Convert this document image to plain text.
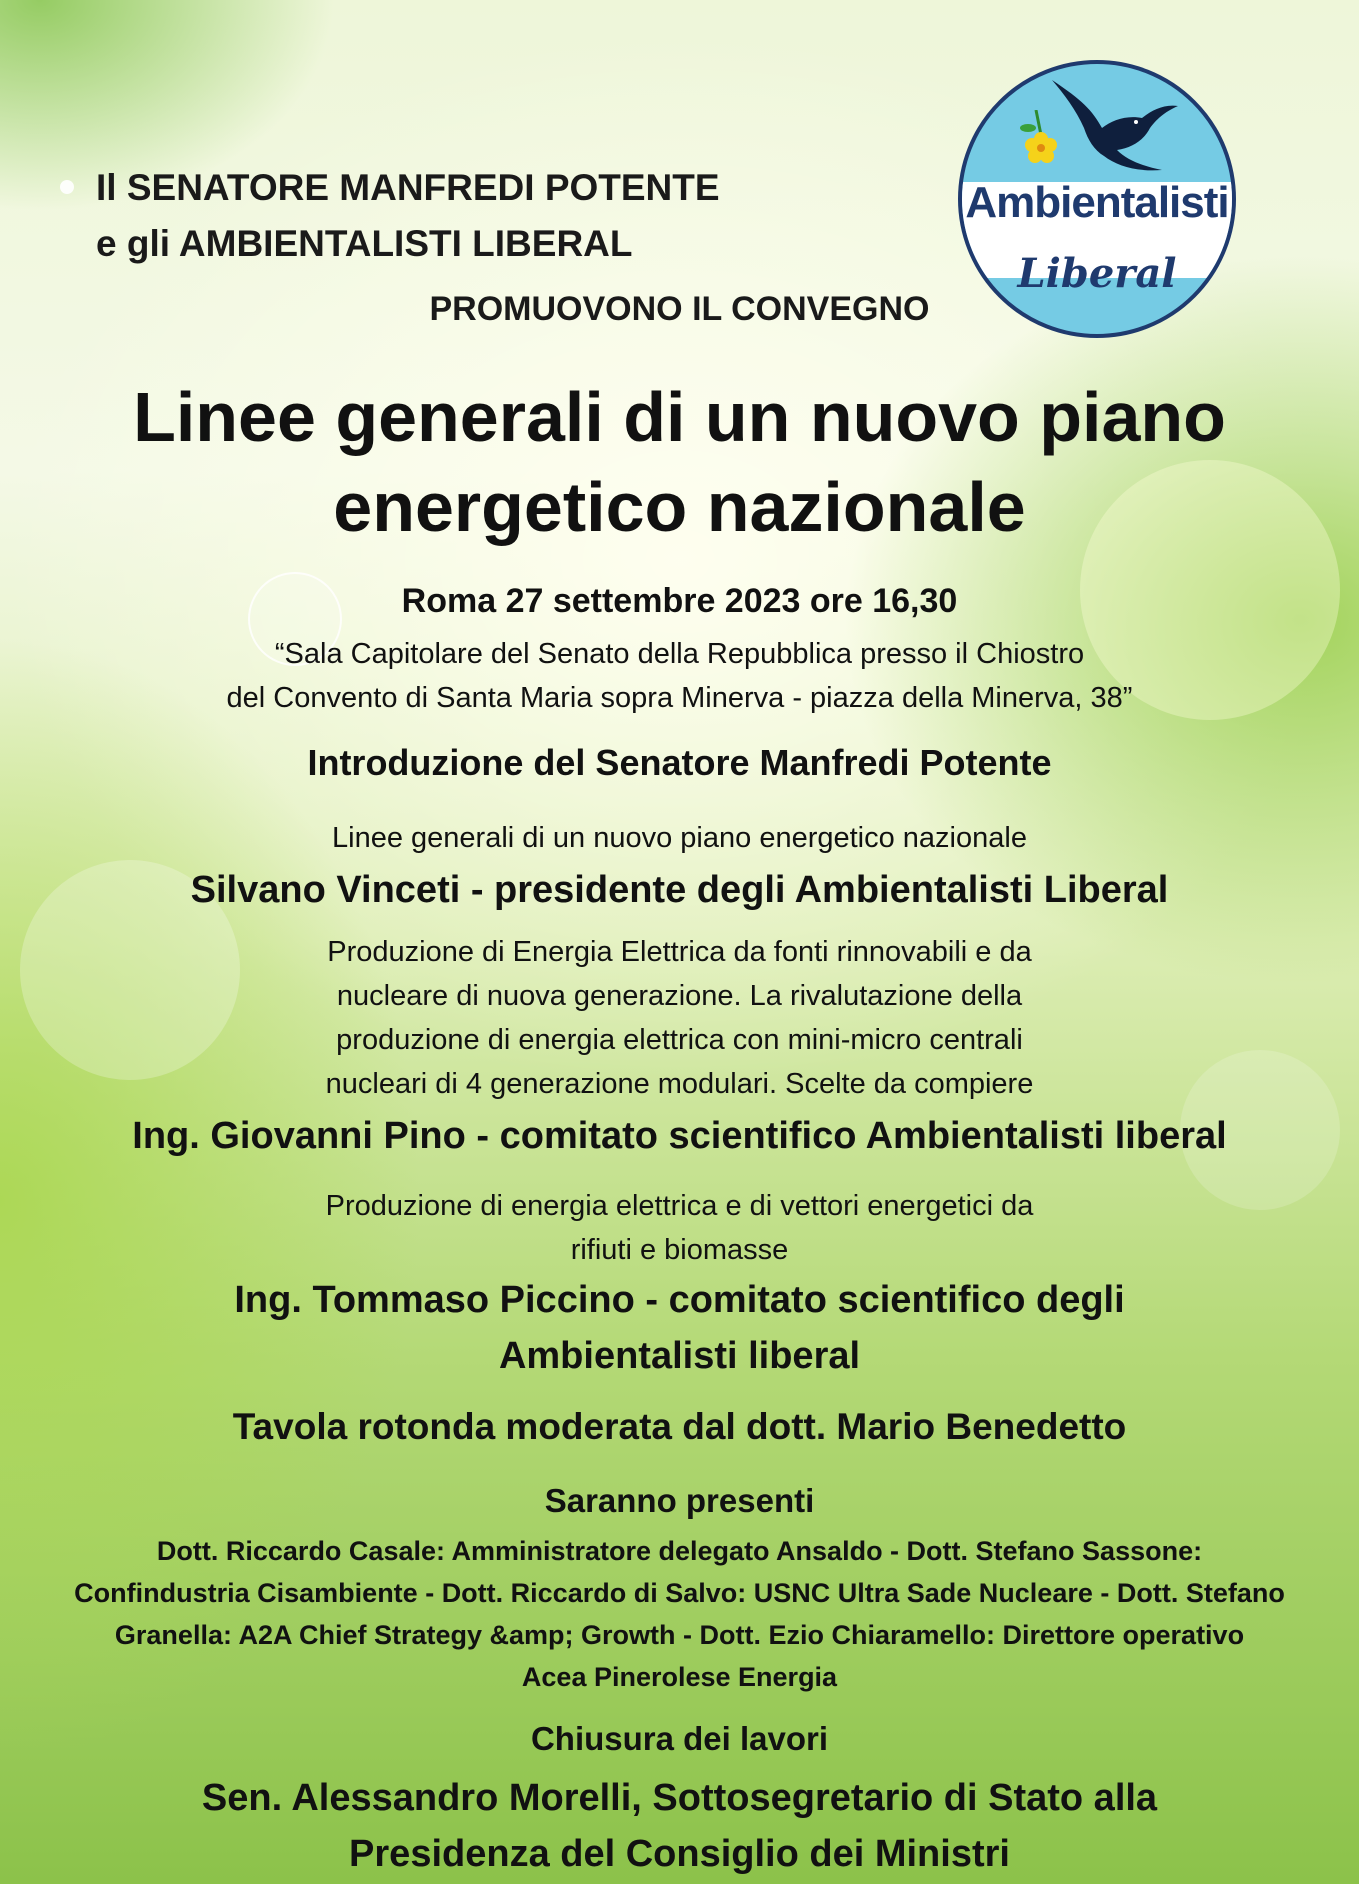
Il SENATORE MANFREDI POTENTE
e gli AMBIENTALISTI LIBERAL
Ambientalisti
Liberal
PROMUOVONO IL CONVEGNO
Linee generali di un nuovo piano
energetico nazionale
Roma 27 settembre 2023 ore 16,30
“Sala Capitolare del Senato della Repubblica presso il Chiostro
del Convento di Santa Maria sopra Minerva - piazza della Minerva, 38”
Introduzione del Senatore Manfredi Potente
Linee generali di un nuovo piano energetico nazionale
Silvano Vinceti - presidente degli Ambientalisti Liberal
Produzione di Energia Elettrica da fonti rinnovabili e da
nucleare di nuova generazione. La rivalutazione della
produzione di energia elettrica con mini-micro centrali
nucleari di 4 generazione modulari. Scelte da compiere
Ing. Giovanni Pino - comitato scientifico Ambientalisti liberal
Produzione di energia elettrica e di vettori energetici da
rifiuti e biomasse
Ing. Tommaso Piccino - comitato scientifico degli
Ambientalisti liberal
Tavola rotonda moderata dal dott. Mario Benedetto
Saranno presenti
Dott. Riccardo Casale: Amministratore delegato Ansaldo - Dott. Stefano Sassone:
Confindustria Cisambiente - Dott. Riccardo di Salvo: USNC Ultra Sade Nucleare - Dott. Stefano
Granella: A2A Chief Strategy &amp; Growth - Dott. Ezio Chiaramello: Direttore operativo
Acea Pinerolese Energia
Chiusura dei lavori
Sen. Alessandro Morelli, Sottosegretario di Stato alla
Presidenza del Consiglio dei Ministri
